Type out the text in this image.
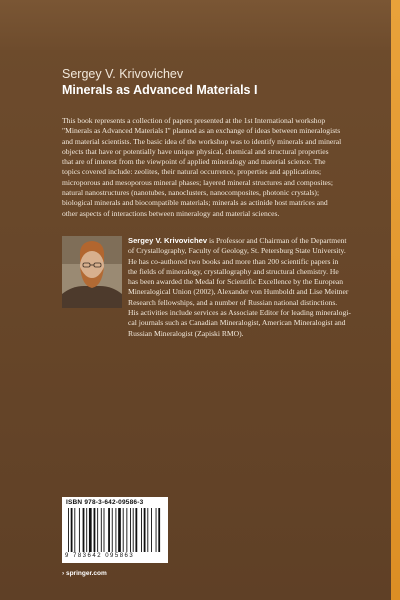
Sergey V. Krivovichev
Minerals as Advanced Materials I
This book represents a collection of papers presented at the 1st International workshop
"Minerals as Advanced Materials I" planned as an exchange of ideas between mineralogists
and material scientists. The basic idea of the workshop was to identify minerals and mineral
objects that have or potentially have unique physical, chemical and structural properties
that are of interest from the viewpoint of applied mineralogy and material science. The
topics covered include: zeolites, their natural occurrence, properties and applications;
microporous and mesoporous mineral phases; layered mineral structures and composites;
natural nanostructures (nanotubes, nanoclusters, nanocomposites, photonic crystals);
biological minerals and biocompatible materials; minerals as actinide host matrices and
other aspects of interactions between mineralogy and material sciences.
Sergey V. Krivovichev is Professor and Chairman of the Department
of Crystallography, Faculty of Geology, St. Petersburg State University.
He has co-authored two books and more than 200 scientific papers in
the fields of mineralogy, crystallography and structural chemistry. He
has been awarded the Medal for Scientific Excellence by the European
Mineralogical Union (2002), Alexander von Humboldt and Lise Meitner
Research fellowships, and a number of Russian national distinctions.
His activities include services as Associate Editor for leading mineralogi-
cal journals such as Canadian Mineralogist, American Mineralogist and
Russian Mineralogist (Zapiski RMO).
ISBN 978-3-642-09586-3
9 783642 095863
› springer.com
